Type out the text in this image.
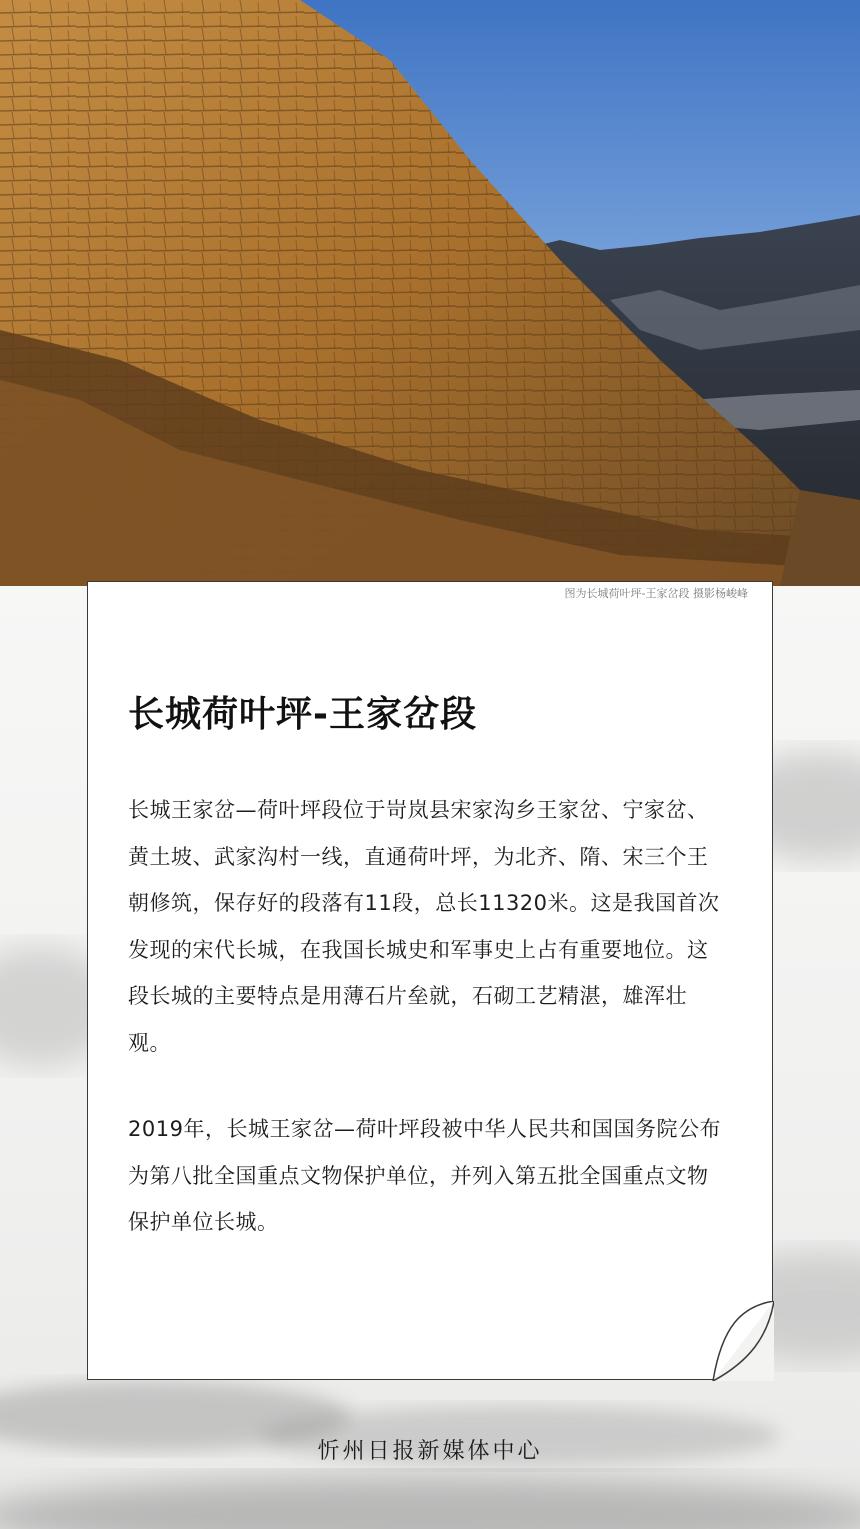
图为长城荷叶坪-王家岔段 摄影杨峻峰
长城荷叶坪-王家岔段

长城王家岔—荷叶坪段位于岢岚县宋家沟乡王家岔、宁家岔、黄土坡、武家沟村一线，直通荷叶坪，为北齐、隋、宋三个王朝修筑，保存好的段落有11段，总长11320米。这是我国首次发现的宋代长城，在我国长城史和军事史上占有重要地位。这段长城的主要特点是用薄石片垒就，石砌工艺精湛，雄浑壮观。

2019年，长城王家岔—荷叶坪段被中华人民共和国国务院公布为第八批全国重点文物保护单位，并列入第五批全国重点文物保护单位长城。

忻州日报新媒体中心
